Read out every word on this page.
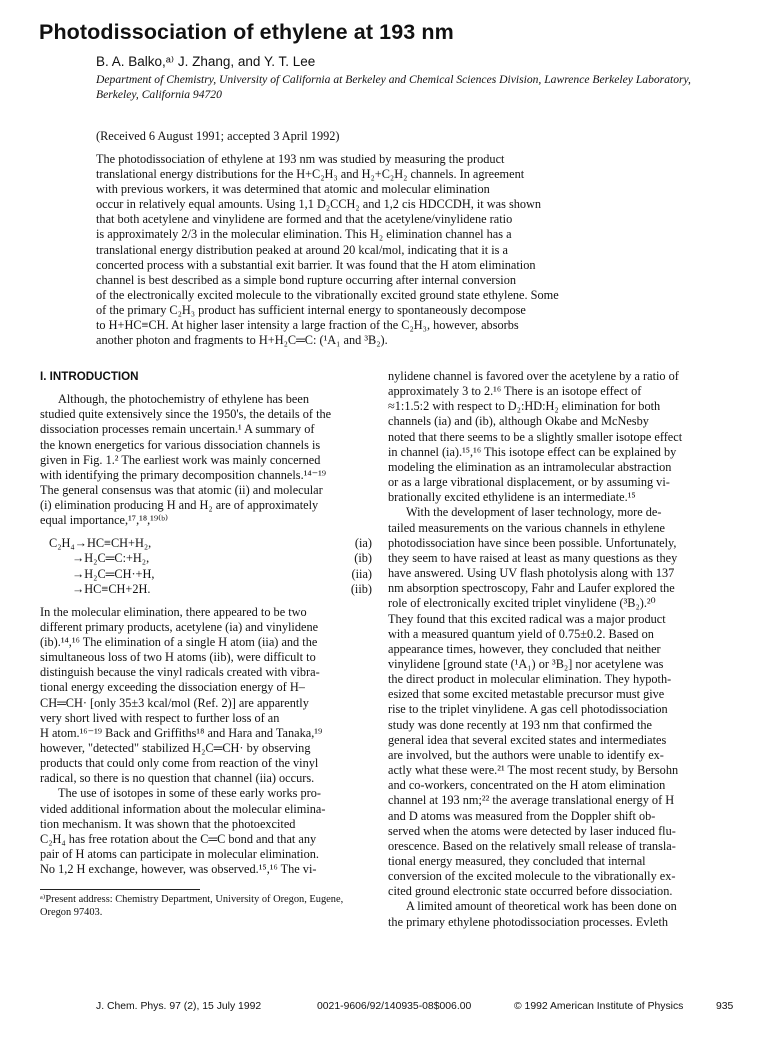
Photodissociation of ethylene at 193 nm
B. A. Balko,ᵃ⁾ J. Zhang, and Y. T. Lee
Department of Chemistry, University of California at Berkeley and Chemical Sciences Division, Lawrence Berkeley Laboratory, Berkeley, California 94720
(Received 6 August 1991; accepted 3 April 1992)
The photodissociation of ethylene at 193 nm was studied by measuring the product
translational energy distributions for the H+C₂H₃ and H₂+C₂H₂ channels. In agreement
with previous workers, it was determined that atomic and molecular elimination
occur in relatively equal amounts. Using 1,1 D₂CCH₂ and 1,2 cis HDCCDH, it was shown
that both acetylene and vinylidene are formed and that the acetylene/vinylidene ratio
is approximately 2/3 in the molecular elimination. This H₂ elimination channel has a
translational energy distribution peaked at around 20 kcal/mol, indicating that it is a
concerted process with a substantial exit barrier. It was found that the H atom elimination
channel is best described as a simple bond rupture occurring after internal conversion
of the electronically excited molecule to the vibrationally excited ground state ethylene. Some
of the primary C₂H₃ product has sufficient internal energy to spontaneously decompose
to H+HC≡CH. At higher laser intensity a large fraction of the C₂H₃, however, absorbs
another photon and fragments to H+H₂C═C: (¹A₁ and ³B₂).
I. INTRODUCTION

Although, the photochemistry of ethylene has been
studied quite extensively since the 1950's, the details of the
dissociation processes remain uncertain.¹ A summary of
the known energetics for various dissociation channels is
given in Fig. 1.² The earliest work was mainly concerned
with identifying the primary decomposition channels.¹⁴⁻¹⁹
The general consensus was that atomic (ii) and molecular
(i) elimination producing H and H₂ are of approximately
equal importance,¹⁷,¹⁸,¹⁹⁽ᵇ⁾

C₂H₄→HC≡CH+H₂,	(ia)
→H₂C═C:+H₂,	(ib)
→H₂C═CH·+H,	(iia)
→HC≡CH+2H.	(iib)

In the molecular elimination, there appeared to be two
different primary products, acetylene (ia) and vinylidene
(ib).¹⁴,¹⁶ The elimination of a single H atom (iia) and the
simultaneous loss of two H atoms (iib), were difficult to
distinguish because the vinyl radicals created with vibra-
tional energy exceeding the dissociation energy of H–
CH═CH· [only 35±3 kcal/mol (Ref. 2)] are apparently
very short lived with respect to further loss of an
H atom.¹⁶⁻¹⁹ Back and Griffiths¹⁸ and Hara and Tanaka,¹⁹
however, "detected" stabilized H₂C═CH· by observing
products that could only come from reaction of the vinyl
radical, so there is no question that channel (iia) occurs.

The use of isotopes in some of these early works pro-
vided additional information about the molecular elimina-
tion mechanism. It was shown that the photoexcited
C₂H₄ has free rotation about the C═C bond and that any
pair of H atoms can participate in molecular elimination.
No 1,2 H exchange, however, was observed.¹⁵,¹⁶ The vi-

ᵃ⁾Present address: Chemistry Department, University of Oregon, Eugene,
Oregon 97403.

nylidene channel is favored over the acetylene by a ratio of
approximately 3 to 2.¹⁶ There is an isotope effect of
≈1:1.5:2 with respect to D₂:HD:H₂ elimination for both
channels (ia) and (ib), although Okabe and McNesby
noted that there seems to be a slightly smaller isotope effect
in channel (ia).¹⁵,¹⁶ This isotope effect can be explained by
modeling the elimination as an intramolecular abstraction
or as a large vibrational displacement, or by assuming vi-
brationally excited ethylidene is an intermediate.¹⁵

With the development of laser technology, more de-
tailed measurements on the various channels in ethylene
photodissociation have since been possible. Unfortunately,
they seem to have raised at least as many questions as they
have answered. Using UV flash photolysis along with 137
nm absorption spectroscopy, Fahr and Laufer explored the
role of electronically excited triplet vinylidene (³B₂).²⁰
They found that this excited radical was a major product
with a measured quantum yield of 0.75±0.2. Based on
appearance times, however, they concluded that neither
vinylidene [ground state (¹A₁) or ³B₂] nor acetylene was
the direct product in molecular elimination. They hypoth-
esized that some excited metastable precursor must give
rise to the triplet vinylidene. A gas cell photodissociation
study was done recently at 193 nm that confirmed the
general idea that several excited states and intermediates
are involved, but the authors were unable to identify ex-
actly what these were.²¹ The most recent study, by Bersohn
and co-workers, concentrated on the H atom elimination
channel at 193 nm;²² the average translational energy of H
and D atoms was measured from the Doppler shift ob-
served when the atoms were detected by laser induced flu-
orescence. Based on the relatively small release of transla-
tional energy measured, they concluded that internal
conversion of the excited molecule to the vibrationally ex-
cited ground electronic state occurred before dissociation.

A limited amount of theoretical work has been done on
the primary ethylene photodissociation processes. Evleth

J. Chem. Phys. 97 (2), 15 July 1992	0021-9606/92/140935-08$006.00	© 1992 American Institute of Physics	935
